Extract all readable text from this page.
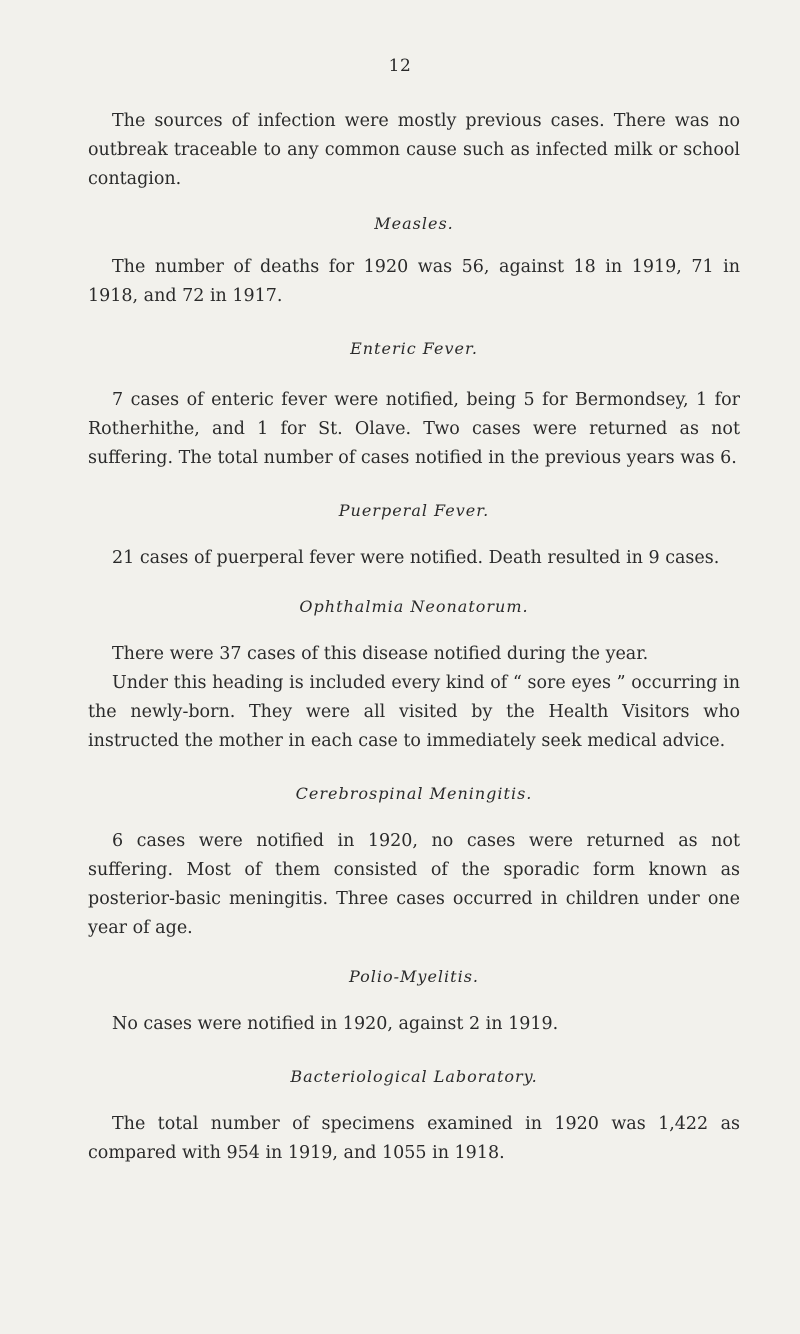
12

The sources of infection were mostly previous cases. There was no outbreak traceable to any common cause such as infected milk or school contagion.

Measles.

The number of deaths for 1920 was 56, against 18 in 1919, 71 in 1918, and 72 in 1917.

Enteric Fever.

7 cases of enteric fever were notified, being 5 for Bermondsey, 1 for Rotherhithe, and 1 for St. Olave. Two cases were returned as not suffering. The total number of cases notified in the previous years was 6.

Puerperal Fever.

21 cases of puerperal fever were notified. Death resulted in 9 cases.

Ophthalmia Neonatorum.

There were 37 cases of this disease notified during the year.

Under this heading is included every kind of “ sore eyes ” occurring in the newly-born. They were all visited by the Health Visitors who instructed the mother in each case to immediately seek medical advice.

Cerebrospinal Meningitis.

6 cases were notified in 1920, no cases were returned as not suffering. Most of them consisted of the sporadic form known as posterior-basic meningitis. Three cases occurred in children under one year of age.

Polio-Myelitis.

No cases were notified in 1920, against 2 in 1919.

Bacteriological Laboratory.

The total number of specimens examined in 1920 was 1,422 as compared with 954 in 1919, and 1055 in 1918.
